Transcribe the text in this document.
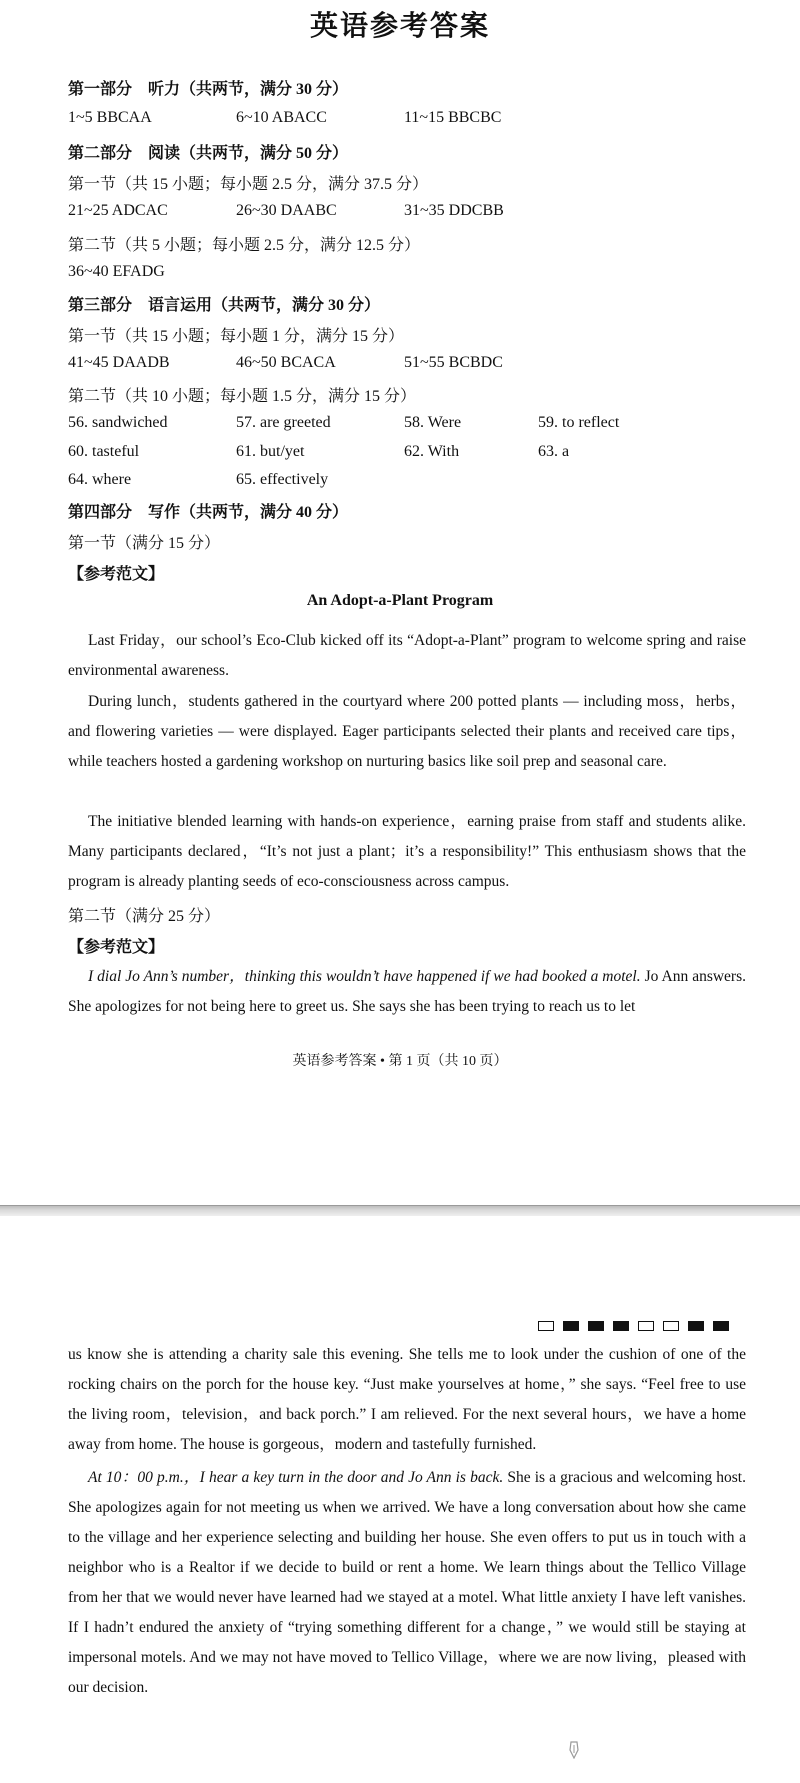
英语参考答案
第一部分　听力（共两节，满分 30 分）
1~5 BBCAA	6~10 ABACC	11~15 BBCBC
第二部分　阅读（共两节，满分 50 分）
第一节（共 15 小题；每小题 2.5 分，满分 37.5 分）
21~25 ADCAC	26~30 DAABC	31~35 DDCBB
第二节（共 5 小题；每小题 2.5 分，满分 12.5 分）
36~40 EFADG
第三部分　语言运用（共两节，满分 30 分）
第一节（共 15 小题；每小题 1 分，满分 15 分）
41~45 DAADB	46~50 BCACA	51~55 BCBDC
第二节（共 10 小题；每小题 1.5 分，满分 15 分）
56. sandwiched	57. are greeted	58. Were	59. to reflect
60. tasteful	61. but/yet	62. With	63. a
64. where	65. effectively
第四部分　写作（共两节，满分 40 分）
第一节（满分 15 分）
【参考范文】
An Adopt-a-Plant Program

Last Friday，our school’s Eco-Club kicked off its “Adopt-a-Plant” program to welcome spring and raise environmental awareness.

During lunch，students gathered in the courtyard where 200 potted plants — including moss，herbs，and flowering varieties — were displayed. Eager participants selected their plants and received care tips，while teachers hosted a gardening workshop on nurturing basics like soil prep and seasonal care.

The initiative blended learning with hands-on experience，earning praise from staff and students alike. Many participants declared，“It’s not just a plant；it’s a responsibility!” This enthusiasm shows that the program is already planting seeds of eco-consciousness across campus.

第二节（满分 25 分）
【参考范文】

I dial Jo Ann’s number，thinking this wouldn’t have happened if we had booked a motel. Jo Ann answers. She apologizes for not being here to greet us. She says she has been trying to reach us to let

英语参考答案 • 第 1 页（共 10 页）

us know she is attending a charity sale this evening. She tells me to look under the cushion of one of the rocking chairs on the porch for the house key. “Just make yourselves at home，” she says. “Feel free to use the living room，television，and back porch.” I am relieved. For the next several hours，we have a home away from home. The house is gorgeous，modern and tastefully furnished.

At 10：00 p.m.，I hear a key turn in the door and Jo Ann is back. She is a gracious and welcoming host. She apologizes again for not meeting us when we arrived. We have a long conversation about how she came to the village and her experience selecting and building her house. She even offers to put us in touch with a neighbor who is a Realtor if we decide to build or rent a home. We learn things about the Tellico Village from her that we would never have learned had we stayed at a motel. What little anxiety I have left vanishes. If I hadn’t endured the anxiety of “trying something different for a change，” we would still be staying at impersonal motels. And we may not have moved to Tellico Village，where we are now living，pleased with our decision.
